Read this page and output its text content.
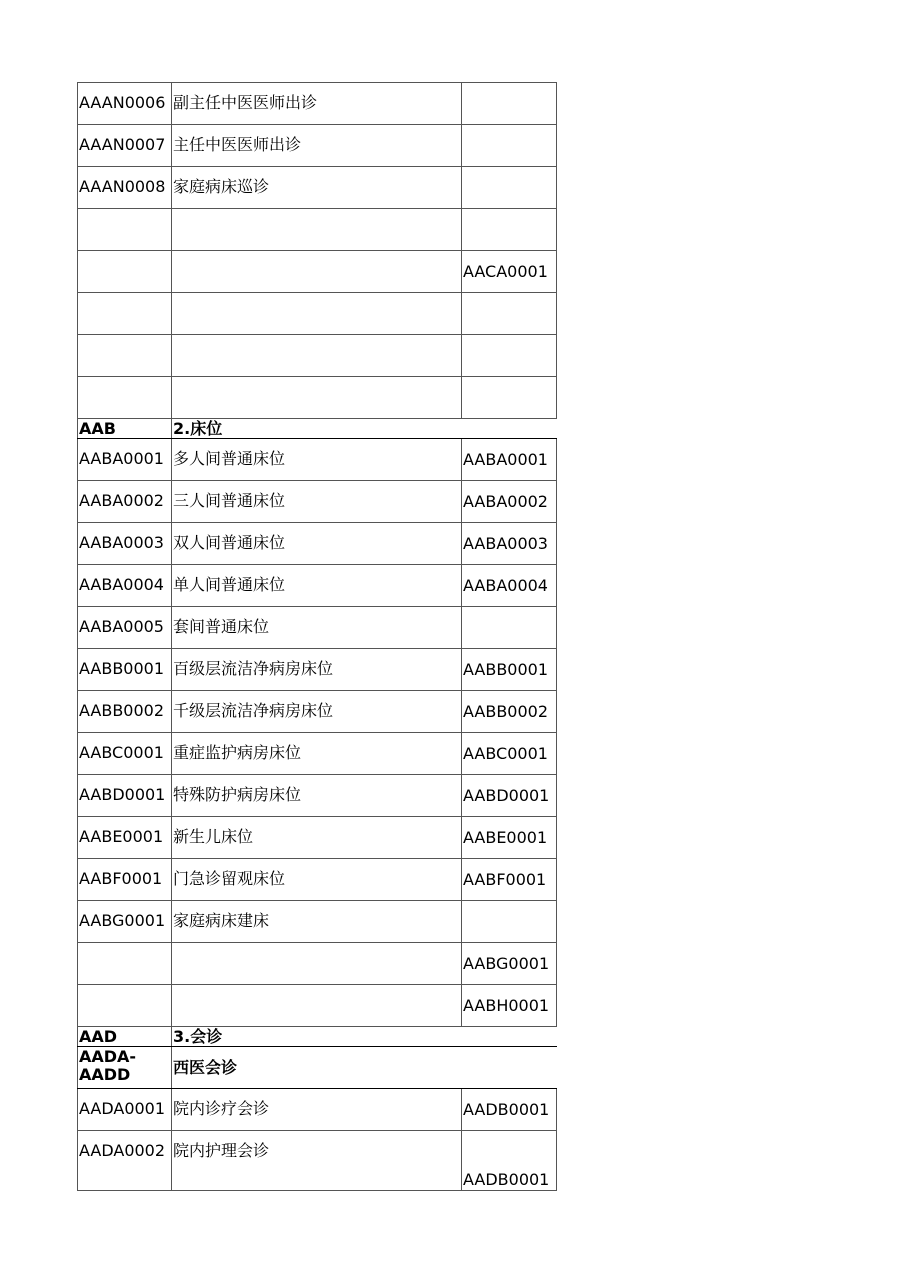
AAAN0006	副主任中医医师出诊	
AAAN0007	主任中医医师出诊	
AAAN0008	家庭病床巡诊	

		AACA0001

AAB	2.床位	
AABA0001	多人间普通床位	AABA0001
AABA0002	三人间普通床位	AABA0002
AABA0003	双人间普通床位	AABA0003
AABA0004	单人间普通床位	AABA0004
AABA0005	套间普通床位	
AABB0001	百级层流洁净病房床位	AABB0001
AABB0002	千级层流洁净病房床位	AABB0002
AABC0001	重症监护病房床位	AABC0001
AABD0001	特殊防护病房床位	AABD0001
AABE0001	新生儿床位	AABE0001
AABF0001	门急诊留观床位	AABF0001
AABG0001	家庭病床建床	
		AABG0001
		AABH0001
AAD	3.会诊	
AADA-
AADD	西医会诊	
AADA0001	院内诊疗会诊	AADB0001
AADA0002	院内护理会诊	AADB0001
